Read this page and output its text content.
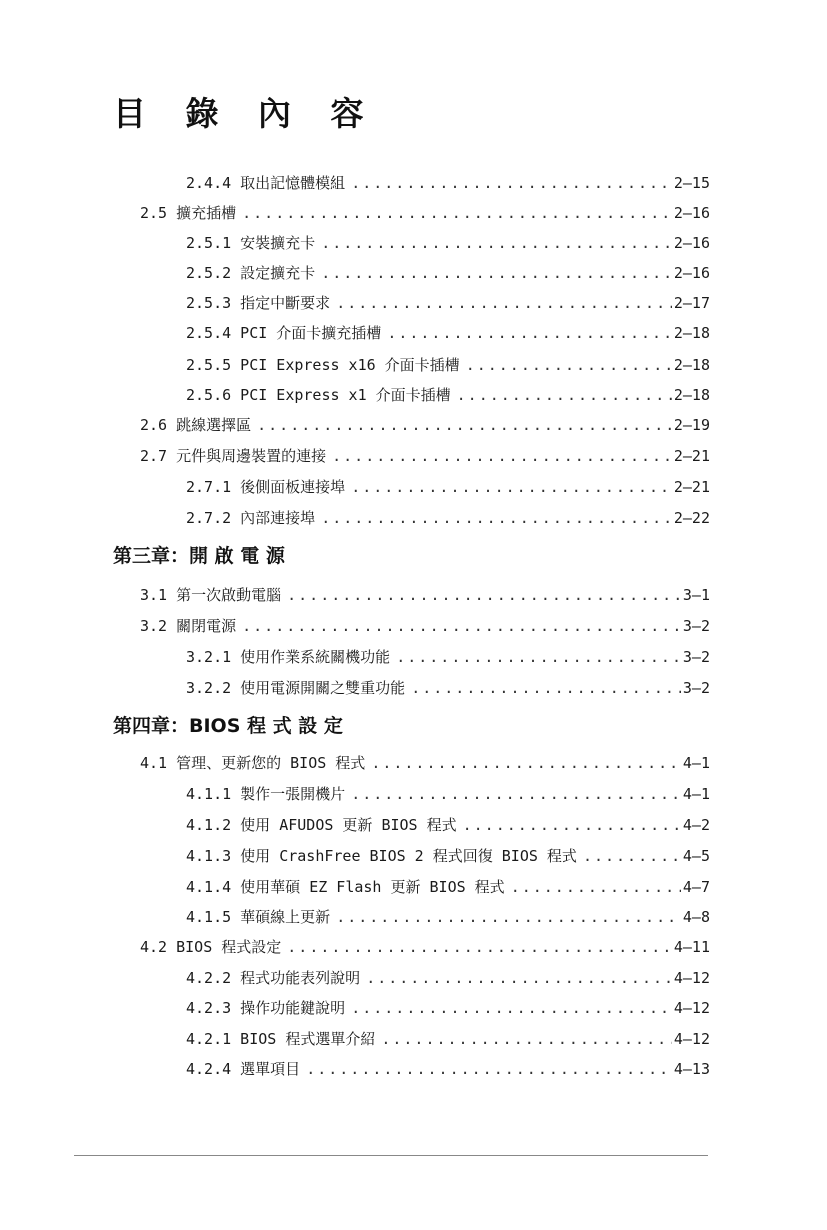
目 錄 內 容
2.4.4 取出記憶體模組 .....	2–15
2.5 擴充插槽 .....	2–16
2.5.1 安裝擴充卡 .....	2–16
2.5.2 設定擴充卡 .....	2–16
2.5.3 指定中斷要求 .....	2–17
2.5.4 PCI 介面卡擴充插槽 .....	2–18
2.5.5 PCI Express x16 介面卡插槽 .....	2–18
2.5.6 PCI Express x1 介面卡插槽 .....	2–18
2.6 跳線選擇區 .....	2–19
2.7 元件與周邊裝置的連接 .....	2–21
2.7.1 後側面板連接埠 .....	2–21
2.7.2 內部連接埠 .....	2–22
第三章：開 啟 電 源
3.1 第一次啟動電腦 .....	3–1
3.2 關閉電源 .....	3–2
3.2.1 使用作業系統關機功能 .....	3–2
3.2.2 使用電源開關之雙重功能 .....	3–2
第四章：BIOS 程 式 設 定
4.1 管理、更新您的 BIOS 程式 .....	4–1
4.1.1 製作一張開機片 .....	4–1
4.1.2 使用 AFUDOS 更新 BIOS 程式 .....	4–2
4.1.3 使用 CrashFree BIOS 2 程式回復 BIOS 程式 .....	4–5
4.1.4 使用華碩 EZ Flash 更新 BIOS 程式 .....	4–7
4.1.5 華碩線上更新 .....	4–8
4.2 BIOS 程式設定 .....	4–11
4.2.2 程式功能表列說明 .....	4–12
4.2.3 操作功能鍵說明 .....	4–12
4.2.1 BIOS 程式選單介紹 .....	4–12
4.2.4 選單項目 .....	4–13
